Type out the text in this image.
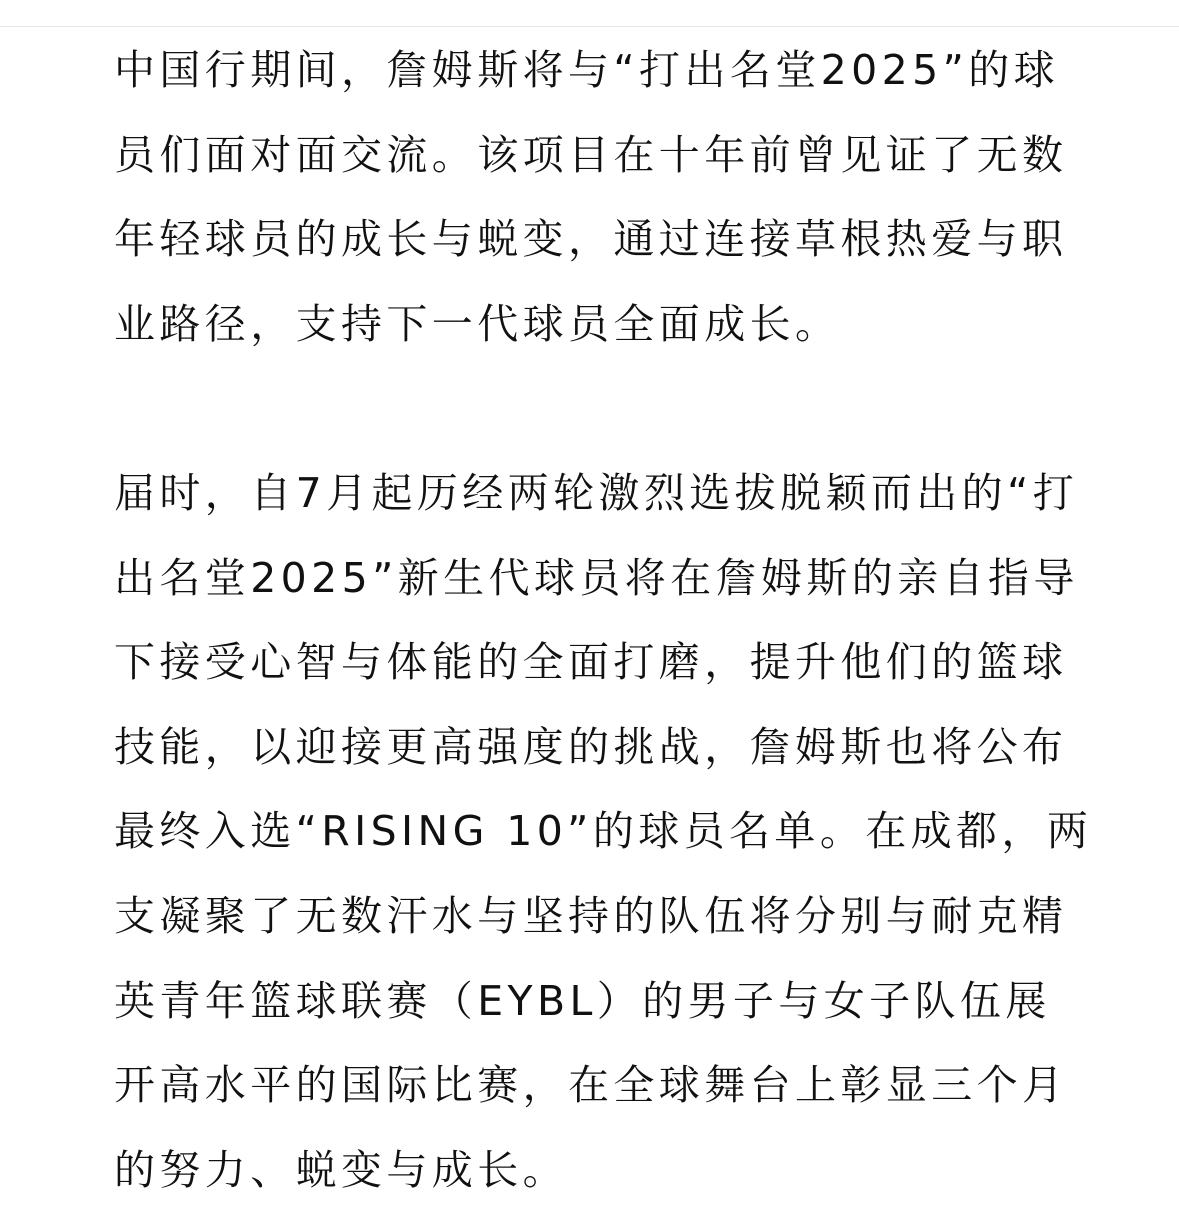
中国行期间，詹姆斯将与“打出名堂2025”的球
员们面对面交流。该项目在十年前曾见证了无数
年轻球员的成长与蜕变，通过连接草根热爱与职
业路径，支持下一代球员全面成长。

届时，自7月起历经两轮激烈选拔脱颖而出的“打
出名堂2025”新生代球员将在詹姆斯的亲自指导
下接受心智与体能的全面打磨，提升他们的篮球
技能，以迎接更高强度的挑战，詹姆斯也将公布
最终入选“RISING 10”的球员名单。在成都，两
支凝聚了无数汗水与坚持的队伍将分别与耐克精
英青年篮球联赛（EYBL）的男子与女子队伍展
开高水平的国际比赛，在全球舞台上彰显三个月
的努力、蜕变与成长。
